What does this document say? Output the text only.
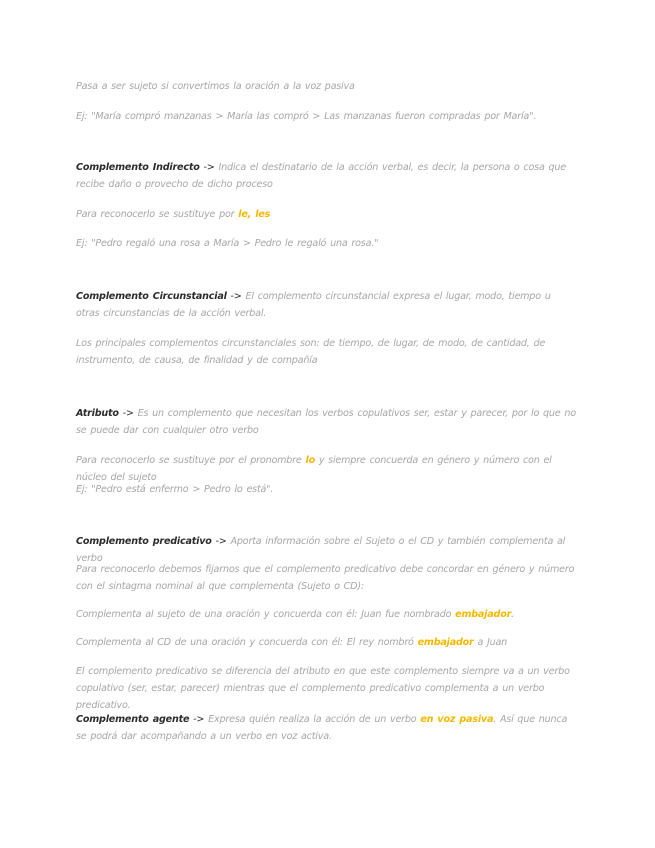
Pasa a ser sujeto si convertimos la oración a la voz pasiva

Ej: "María compró manzanas > María las compró > Las manzanas fueron compradas por María".

Complemento Indirecto -> Indica el destinatario de la acción verbal, es decir, la persona o cosa que recibe daño o provecho de dicho proceso

Para reconocerlo se sustituye por le, les

Ej: "Pedro regaló una rosa a María > Pedro le regaló una rosa."

Complemento Circunstancial -> El complemento circunstancial expresa el lugar, modo, tiempo u otras circunstancias de la acción verbal.

Los principales complementos circunstanciales son: de tiempo, de lugar, de modo, de cantidad, de instrumento, de causa, de finalidad y de compañía

Atributo -> Es un complemento que necesitan los verbos copulativos ser, estar y parecer, por lo que no se puede dar con cualquier otro verbo

Para reconocerlo se sustituye por el pronombre lo y siempre concuerda en género y número con el núcleo del sujeto

Ej: "Pedro está enfermo > Pedro lo está".

Complemento predicativo -> Aporta información sobre el Sujeto o el CD y también complementa al verbo

Para reconocerlo debemos fijarnos que el complemento predicativo debe concordar en género y número con el sintagma nominal al que complementa (Sujeto o CD):

Complementa al sujeto de una oración y concuerda con él: Juan fue nombrado embajador.

Complementa al CD de una oración y concuerda con él: El rey nombró embajador a Juan

El complemento predicativo se diferencia del atributo en que este complemento siempre va a un verbo copulativo (ser, estar, parecer) mientras que el complemento predicativo complementa a un verbo predicativo.

Complemento agente -> Expresa quién realiza la acción de un verbo en voz pasiva. Así que nunca se podrá dar acompañando a un verbo en voz activa.
